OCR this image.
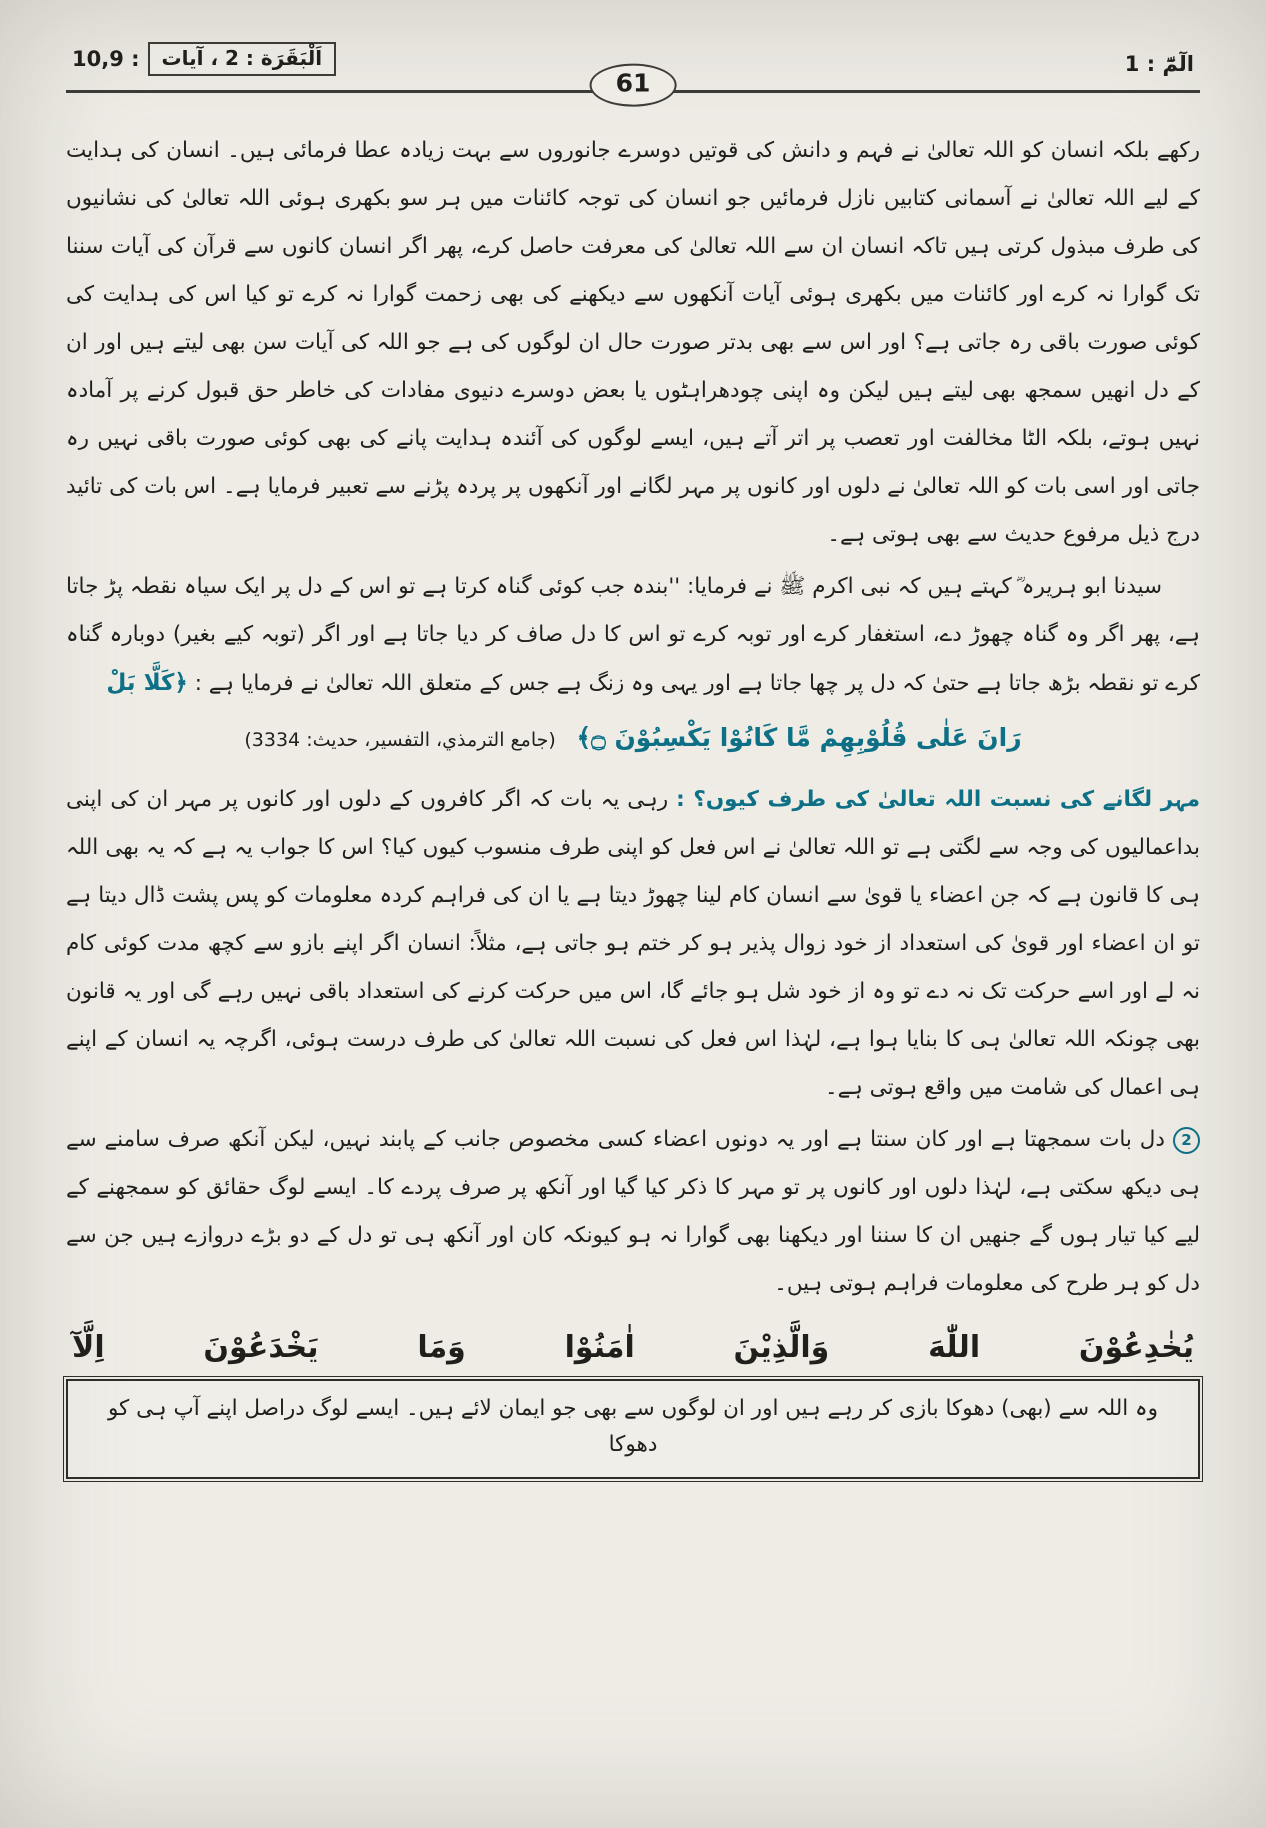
الٓمّٓ : 1
61
اَلْبَقَرَة : 2 ، آیات
: 10,9

رکھے بلکہ انسان کو اللہ تعالیٰ نے فہم و دانش کی قوتیں دوسرے جانوروں سے بہت زیادہ عطا فرمائی ہیں۔ انسان کی ہدایت کے لیے اللہ تعالیٰ نے آسمانی کتابیں نازل فرمائیں جو انسان کی توجہ کائنات میں ہر سو بکھری ہوئی اللہ تعالیٰ کی نشانیوں کی طرف مبذول کرتی ہیں تاکہ انسان ان سے اللہ تعالیٰ کی معرفت حاصل کرے، پھر اگر انسان کانوں سے قرآن کی آیات سننا تک گوارا نہ کرے اور کائنات میں بکھری ہوئی آیات آنکھوں سے دیکھنے کی بھی زحمت گوارا نہ کرے تو کیا اس کی ہدایت کی کوئی صورت باقی رہ جاتی ہے؟ اور اس سے بھی بدتر صورت حال ان لوگوں کی ہے جو اللہ کی آیات سن بھی لیتے ہیں اور ان کے دل انھیں سمجھ بھی لیتے ہیں لیکن وہ اپنی چودھراہٹوں یا بعض دوسرے دنیوی مفادات کی خاطر حق قبول کرنے پر آمادہ نہیں ہوتے، بلکہ الٹا مخالفت اور تعصب پر اتر آتے ہیں، ایسے لوگوں کی آئندہ ہدایت پانے کی بھی کوئی صورت باقی نہیں رہ جاتی اور اسی بات کو اللہ تعالیٰ نے دلوں اور کانوں پر مہر لگانے اور آنکھوں پر پردہ پڑنے سے تعبیر فرمایا ہے۔ اس بات کی تائید درج ذیل مرفوع حدیث سے بھی ہوتی ہے۔

سیدنا ابو ہریرہ ؓ کہتے ہیں کہ نبی اکرم ﷺ نے فرمایا: ''بندہ جب کوئی گناہ کرتا ہے تو اس کے دل پر ایک سیاہ نقطہ پڑ جاتا ہے، پھر اگر وہ گناہ چھوڑ دے، استغفار کرے اور توبہ کرے تو اس کا دل صاف کر دیا جاتا ہے اور اگر (توبہ کیے بغیر) دوبارہ گناہ کرے تو نقطہ بڑھ جاتا ہے حتیٰ کہ دل پر چھا جاتا ہے اور یہی وہ زنگ ہے جس کے متعلق اللہ تعالیٰ نے فرمایا ہے : ﴿كَلَّا بَلْ

رَانَ عَلٰى قُلُوْبِهِمْ مَّا كَانُوْا يَكْسِبُوْنَ ۝﴾ (جامع الترمذي، التفسير، حديث: 3334)

مہر لگانے کی نسبت اللہ تعالیٰ کی طرف کیوں؟ : رہی یہ بات کہ اگر کافروں کے دلوں اور کانوں پر مہر ان کی اپنی بداعمالیوں کی وجہ سے لگتی ہے تو اللہ تعالیٰ نے اس فعل کو اپنی طرف منسوب کیوں کیا؟ اس کا جواب یہ ہے کہ یہ بھی اللہ ہی کا قانون ہے کہ جن اعضاء یا قویٰ سے انسان کام لینا چھوڑ دیتا ہے یا ان کی فراہم کردہ معلومات کو پس پشت ڈال دیتا ہے تو ان اعضاء اور قویٰ کی استعداد از خود زوال پذیر ہو کر ختم ہو جاتی ہے، مثلاً: انسان اگر اپنے بازو سے کچھ مدت کوئی کام نہ لے اور اسے حرکت تک نہ دے تو وہ از خود شل ہو جائے گا، اس میں حرکت کرنے کی استعداد باقی نہیں رہے گی اور یہ قانون بھی چونکہ اللہ تعالیٰ ہی کا بنایا ہوا ہے، لہٰذا اس فعل کی نسبت اللہ تعالیٰ کی طرف درست ہوئی، اگرچہ یہ انسان کے اپنے ہی اعمال کی شامت میں واقع ہوتی ہے۔

2دل بات سمجھتا ہے اور کان سنتا ہے اور یہ دونوں اعضاء کسی مخصوص جانب کے پابند نہیں، لیکن آنکھ صرف سامنے سے ہی دیکھ سکتی ہے، لہٰذا دلوں اور کانوں پر تو مہر کا ذکر کیا گیا اور آنکھ پر صرف پردے کا۔ ایسے لوگ حقائق کو سمجھنے کے لیے کیا تیار ہوں گے جنھیں ان کا سننا اور دیکھنا بھی گوارا نہ ہو کیونکہ کان اور آنکھ ہی تو دل کے دو بڑے دروازے ہیں جن سے دل کو ہر طرح کی معلومات فراہم ہوتی ہیں۔

يُخٰدِعُوْنَ
اللّٰهَ
وَالَّذِيْنَ
اٰمَنُوْا
وَمَا
يَخْدَعُوْنَ
اِلَّآ
وہ اللہ سے (بھی) دھوکا بازی کر رہے ہیں اور ان لوگوں سے بھی جو ایمان لائے ہیں۔ ایسے لوگ دراصل اپنے آپ ہی کو دھوکا
